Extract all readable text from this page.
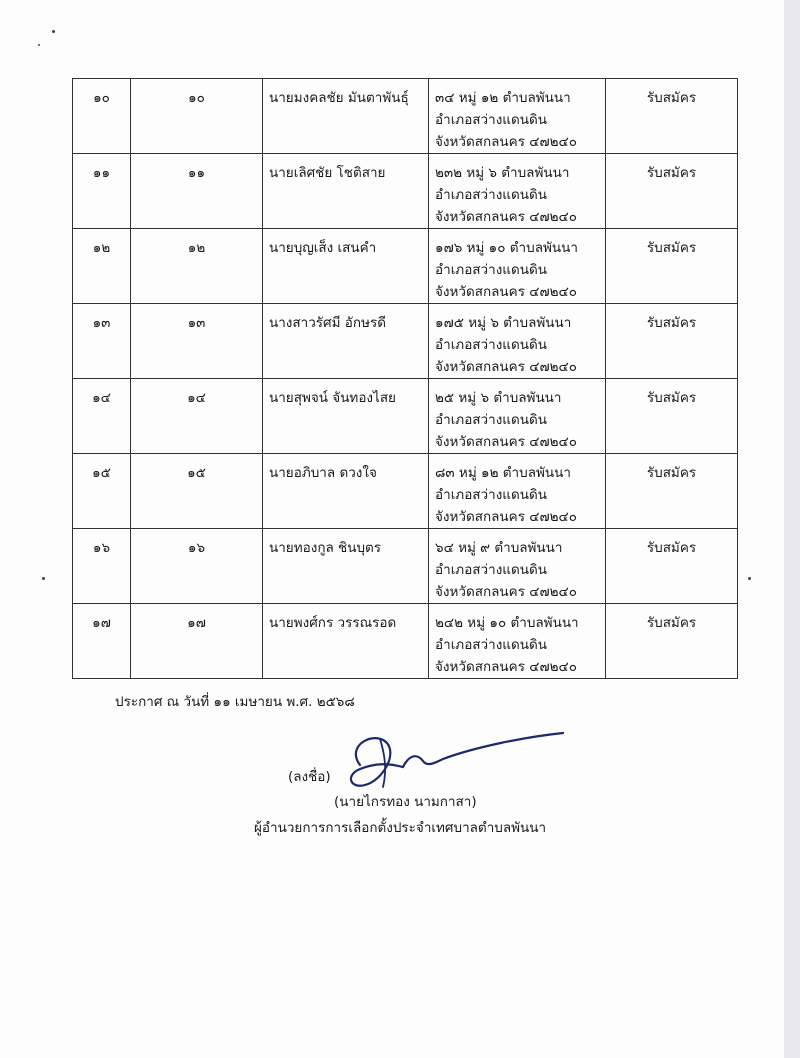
๑๐	๑๐	นายมงคลชัย มันตาพันธุ์	๓๔ หมู่ ๑๒ ตำบลพันนา
อำเภอสว่างแดนดิน
จังหวัดสกลนคร ๔๗๒๔๐	รับสมัคร
๑๑	๑๑	นายเลิศชัย โชติสาย	๒๓๒ หมู่ ๖ ตำบลพันนา
อำเภอสว่างแดนดิน
จังหวัดสกลนคร ๔๗๒๔๐	รับสมัคร
๑๒	๑๒	นายบุญเส็ง เสนคำ	๑๗๖ หมู่ ๑๐ ตำบลพันนา
อำเภอสว่างแดนดิน
จังหวัดสกลนคร ๔๗๒๔๐	รับสมัคร
๑๓	๑๓	นางสาวรัศมี อักษรดี	๑๗๕ หมู่ ๖ ตำบลพันนา
อำเภอสว่างแดนดิน
จังหวัดสกลนคร ๔๗๒๔๐	รับสมัคร
๑๔	๑๔	นายสุพจน์ จันทองไสย	๒๕ หมู่ ๖ ตำบลพันนา
อำเภอสว่างแดนดิน
จังหวัดสกลนคร ๔๗๒๔๐	รับสมัคร
๑๕	๑๕	นายอภิบาล ดวงใจ	๘๓ หมู่ ๑๒ ตำบลพันนา
อำเภอสว่างแดนดิน
จังหวัดสกลนคร ๔๗๒๔๐	รับสมัคร
๑๖	๑๖	นายทองกูล ชินบุตร	๖๔ หมู่ ๙ ตำบลพันนา
อำเภอสว่างแดนดิน
จังหวัดสกลนคร ๔๗๒๔๐	รับสมัคร
๑๗	๑๗	นายพงศ์กร วรรณรอด	๒๔๒ หมู่ ๑๐ ตำบลพันนา
อำเภอสว่างแดนดิน
จังหวัดสกลนคร ๔๗๒๔๐	รับสมัคร
ประกาศ ณ วันที่ ๑๑ เมษายน พ.ศ. ๒๕๖๘
(ลงชื่อ)
(นายไกรทอง นามกาสา)
ผู้อำนวยการการเลือกตั้งประจำเทศบาลตำบลพันนา
